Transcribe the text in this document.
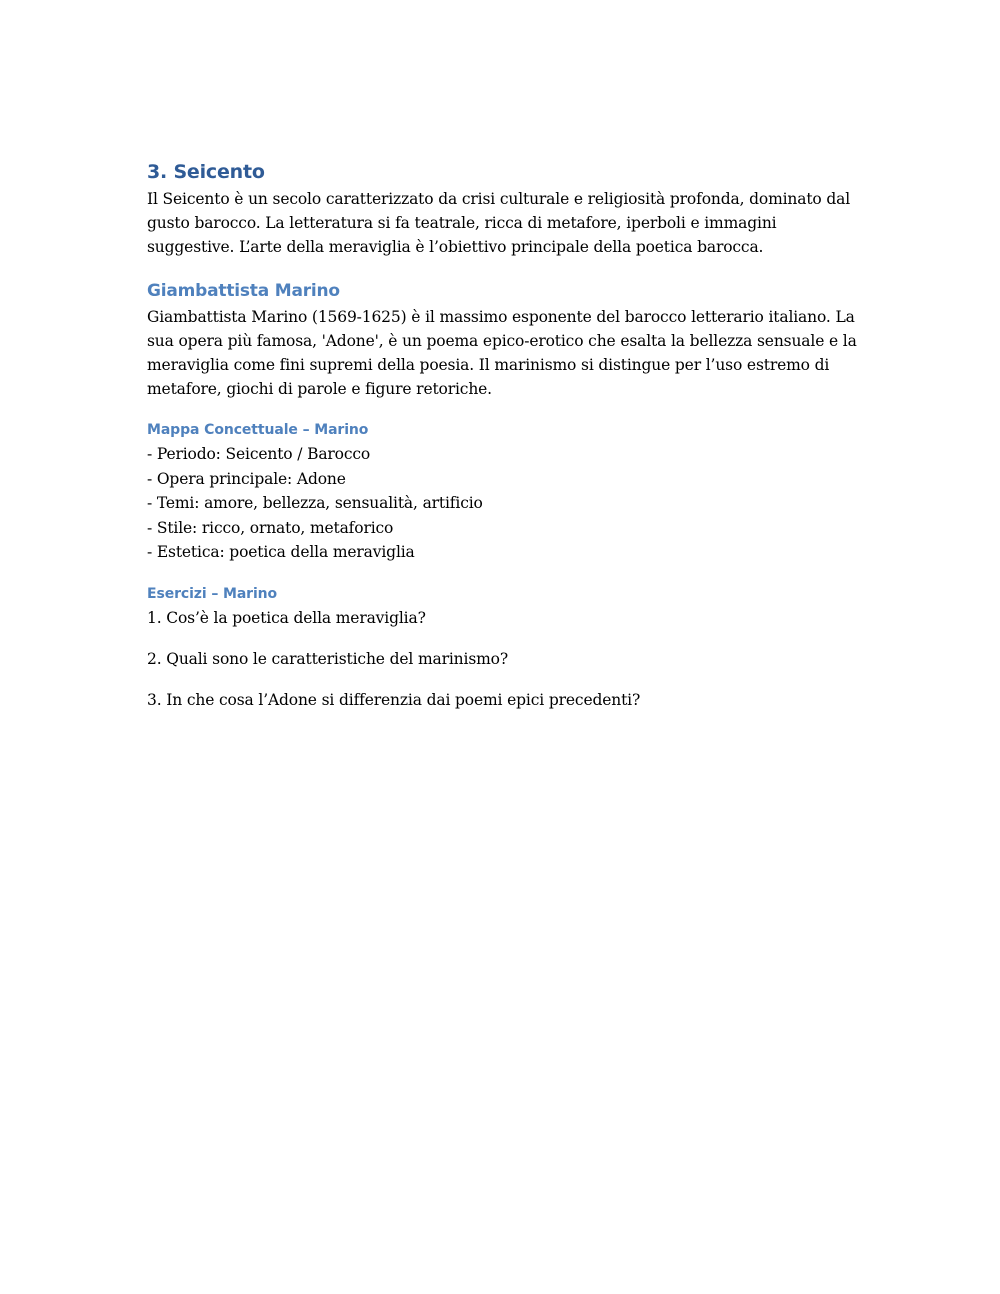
3. Seicento

Il Seicento è un secolo caratterizzato da crisi culturale e religiosità profonda, dominato dal gusto barocco. La letteratura si fa teatrale, ricca di metafore, iperboli e immagini suggestive. L’arte della meraviglia è l’obiettivo principale della poetica barocca.

Giambattista Marino

Giambattista Marino (1569-1625) è il massimo esponente del barocco letterario italiano. La sua opera più famosa, 'Adone', è un poema epico-erotico che esalta la bellezza sensuale e la meraviglia come fini supremi della poesia. Il marinismo si distingue per l’uso estremo di metafore, giochi di parole e figure retoriche.

Mappa Concettuale – Marino

- Periodo: Seicento / Barocco

- Opera principale: Adone

- Temi: amore, bellezza, sensualità, artificio

- Stile: ricco, ornato, metaforico

- Estetica: poetica della meraviglia

Esercizi – Marino

1. Cos’è la poetica della meraviglia?

2. Quali sono le caratteristiche del marinismo?

3. In che cosa l’Adone si differenzia dai poemi epici precedenti?
